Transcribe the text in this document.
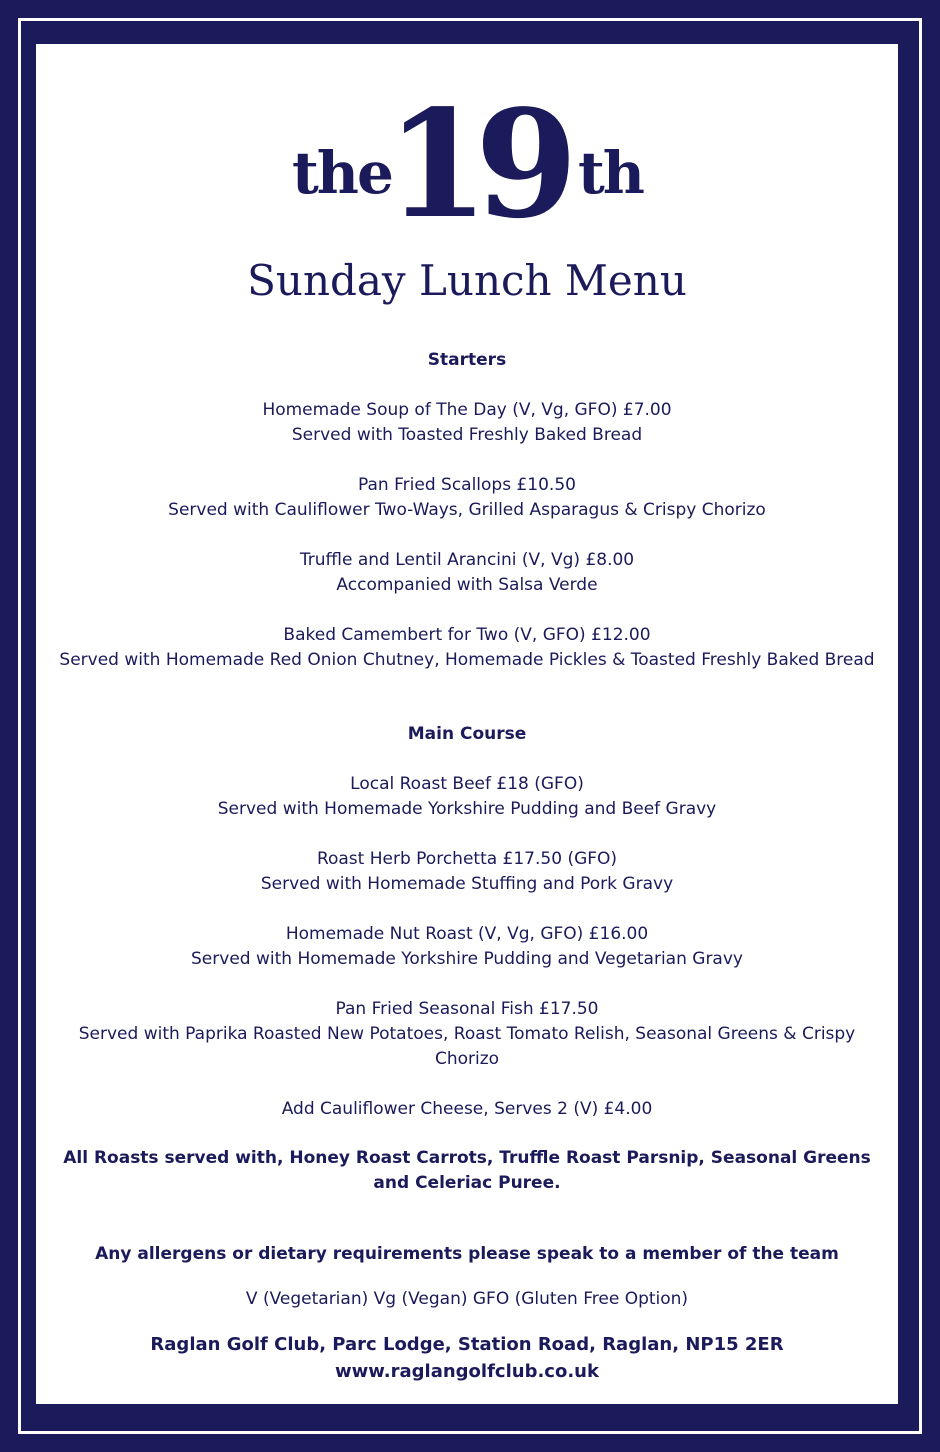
the
19 th
Sunday Lunch Menu
Starters
Homemade Soup of The Day (V, Vg, GFO) £7.00
Served with Toasted Freshly Baked Bread
Pan Fried Scallops £10.50
Served with Cauliflower Two-Ways, Grilled Asparagus & Crispy Chorizo
Truffle and Lentil Arancini (V, Vg) £8.00
Accompanied with Salsa Verde
Baked Camembert for Two (V, GFO) £12.00
Served with Homemade Red Onion Chutney, Homemade Pickles & Toasted Freshly Baked Bread
Main Course
Local Roast Beef £18 (GFO)
Served with Homemade Yorkshire Pudding and Beef Gravy
Roast Herb Porchetta £17.50 (GFO)
Served with Homemade Stuffing and Pork Gravy
Homemade Nut Roast (V, Vg, GFO) £16.00
Served with Homemade Yorkshire Pudding and Vegetarian Gravy
Pan Fried Seasonal Fish £17.50
Served with Paprika Roasted New Potatoes, Roast Tomato Relish, Seasonal Greens & Crispy Chorizo
Add Cauliflower Cheese, Serves 2 (V) £4.00
All Roasts served with, Honey Roast Carrots, Truffle Roast Parsnip, Seasonal Greens and Celeriac Puree.
Any allergens or dietary requirements please speak to a member of the team
V (Vegetarian) Vg (Vegan) GFO (Gluten Free Option)
Raglan Golf Club, Parc Lodge, Station Road, Raglan, NP15 2ER
www.raglangolfclub.co.uk
